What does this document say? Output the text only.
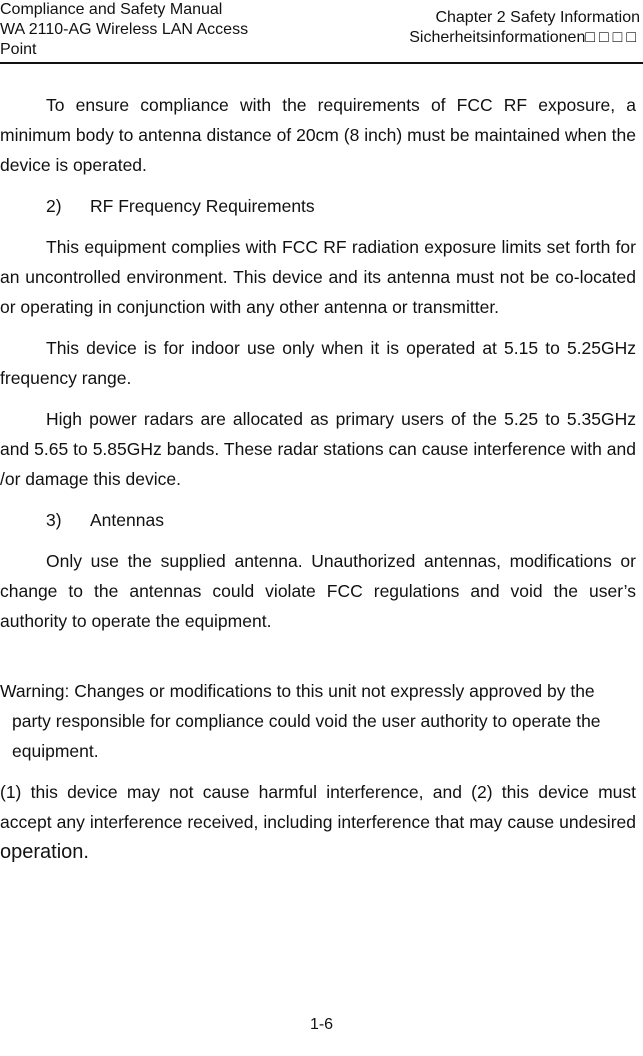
Compliance and Safety Manual
WA 2110-AG Wireless LAN Access
Point
Chapter 2 Safety Information
Sicherheitsinformationen□□□□

To ensure compliance with the requirements of FCC RF exposure, a minimum body to antenna distance of 20cm (8 inch) must be maintained when the device is operated.

2) RF Frequency Requirements

This equipment complies with FCC RF radiation exposure limits set forth for an uncontrolled environment. This device and its antenna must not be co-located or operating in conjunction with any other antenna or transmitter.

This device is for indoor use only when it is operated at 5.15 to 5.25GHz frequency range.

High power radars are allocated as primary users of the 5.25 to 5.35GHz and 5.65 to 5.85GHz bands. These radar stations can cause interference with and /or damage this device.

3) Antennas

Only use the supplied antenna. Unauthorized antennas, modifications or change to the antennas could violate FCC regulations and void the user’s authority to operate the equipment.

Warning: Changes or modifications to this unit not expressly approved by the party responsible for compliance could void the user authority to operate the equipment.

(1) this device may not cause harmful interference, and (2) this device must accept any interference received, including interference that may cause undesired operation.

1-6
